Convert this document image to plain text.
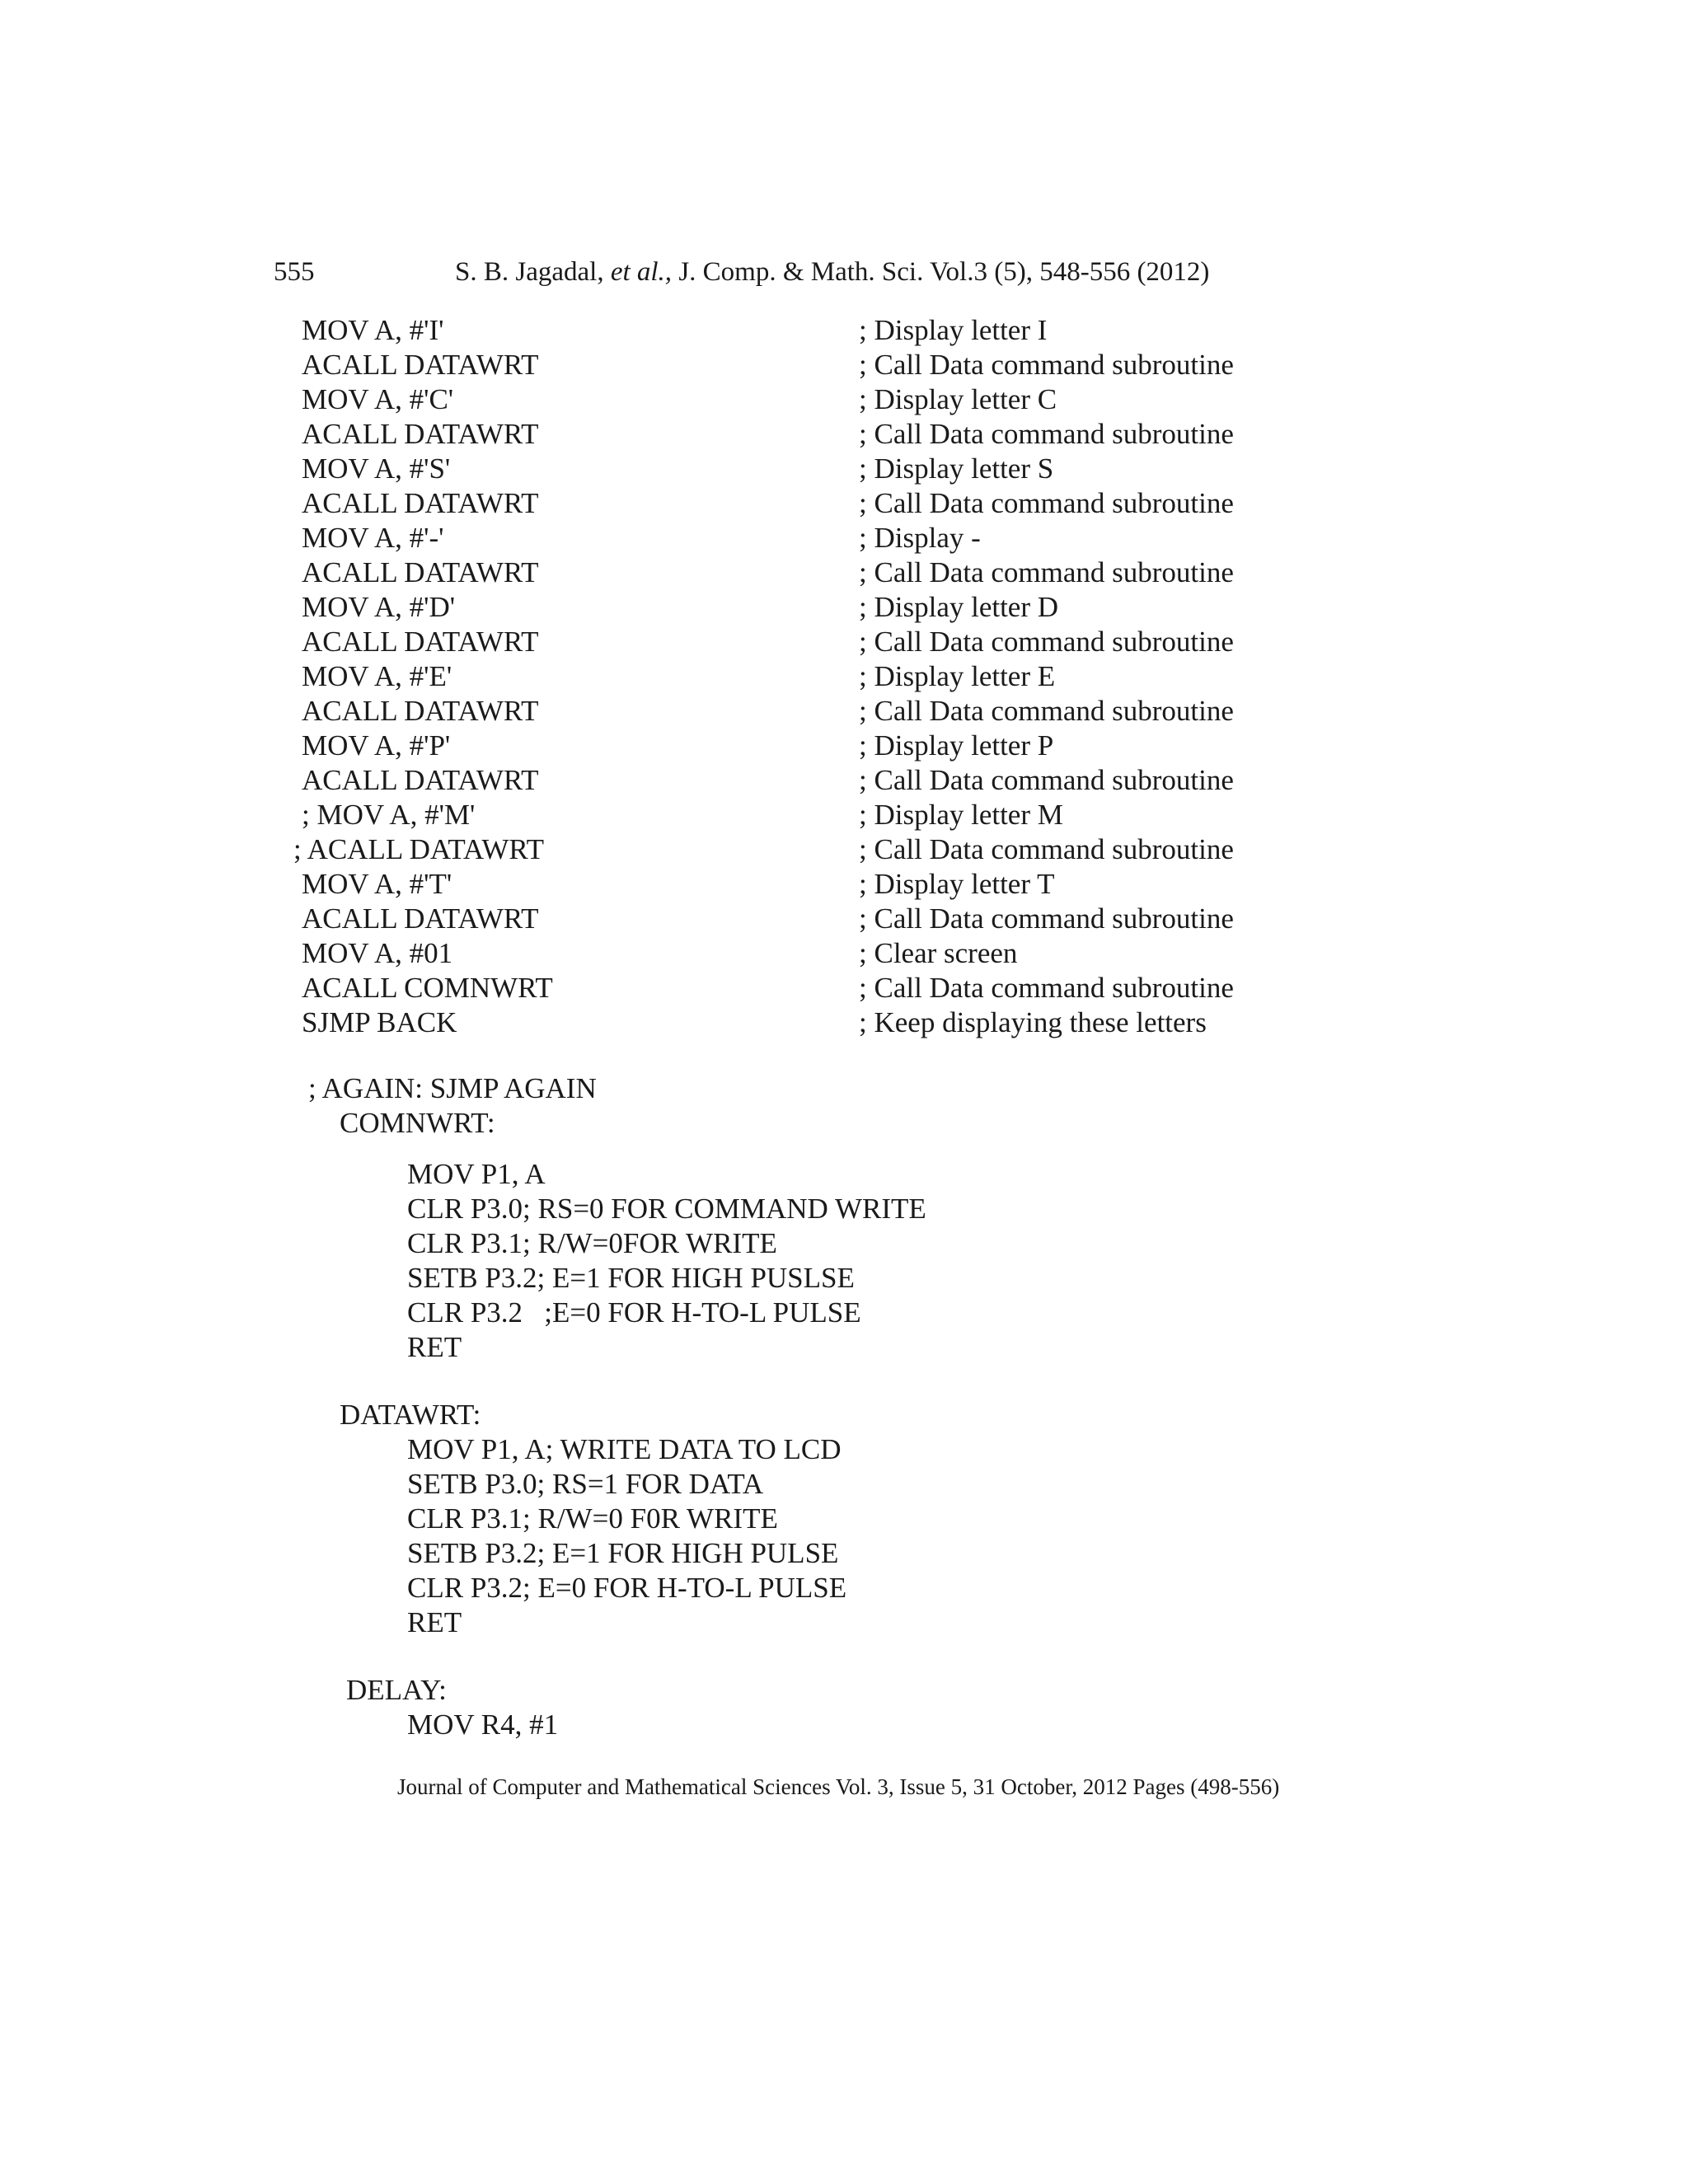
555	S. B. Jagadal, et al., J. Comp. & Math. Sci. Vol.3 (5), 548-556 (2012)
MOV A, #'I'	; Display letter I
ACALL DATAWRT	; Call Data command subroutine
MOV A, #'C'	; Display letter C
ACALL DATAWRT	; Call Data command subroutine
MOV A, #'S'	; Display letter S
ACALL DATAWRT	; Call Data command subroutine
MOV A, #'-'	; Display -
ACALL DATAWRT	; Call Data command subroutine
MOV A, #'D'	; Display letter D
ACALL DATAWRT	; Call Data command subroutine
MOV A, #'E'	; Display letter E
ACALL DATAWRT	; Call Data command subroutine
MOV A, #'P'	; Display letter P
ACALL DATAWRT	; Call Data command subroutine
; MOV A, #'M'	; Display letter M
; ACALL DATAWRT	; Call Data command subroutine
MOV A, #'T'	; Display letter T
ACALL DATAWRT	; Call Data command subroutine
MOV A, #01	; Clear screen
ACALL COMNWRT	; Call Data command subroutine
SJMP BACK	; Keep displaying these letters
; AGAIN: SJMP AGAIN
COMNWRT:
MOV P1, A
CLR P3.0; RS=0 FOR COMMAND WRITE
CLR P3.1; R/W=0FOR WRITE
SETB P3.2; E=1 FOR HIGH PUSLSE
CLR P3.2   ;E=0 FOR H-TO-L PULSE
RET
DATAWRT:
MOV P1, A; WRITE DATA TO LCD
SETB P3.0; RS=1 FOR DATA
CLR P3.1; R/W=0 F0R WRITE
SETB P3.2; E=1 FOR HIGH PULSE
CLR P3.2; E=0 FOR H-TO-L PULSE
RET
DELAY:
MOV R4, #1
Journal of Computer and Mathematical Sciences Vol. 3, Issue 5, 31 October, 2012 Pages (498-556)
